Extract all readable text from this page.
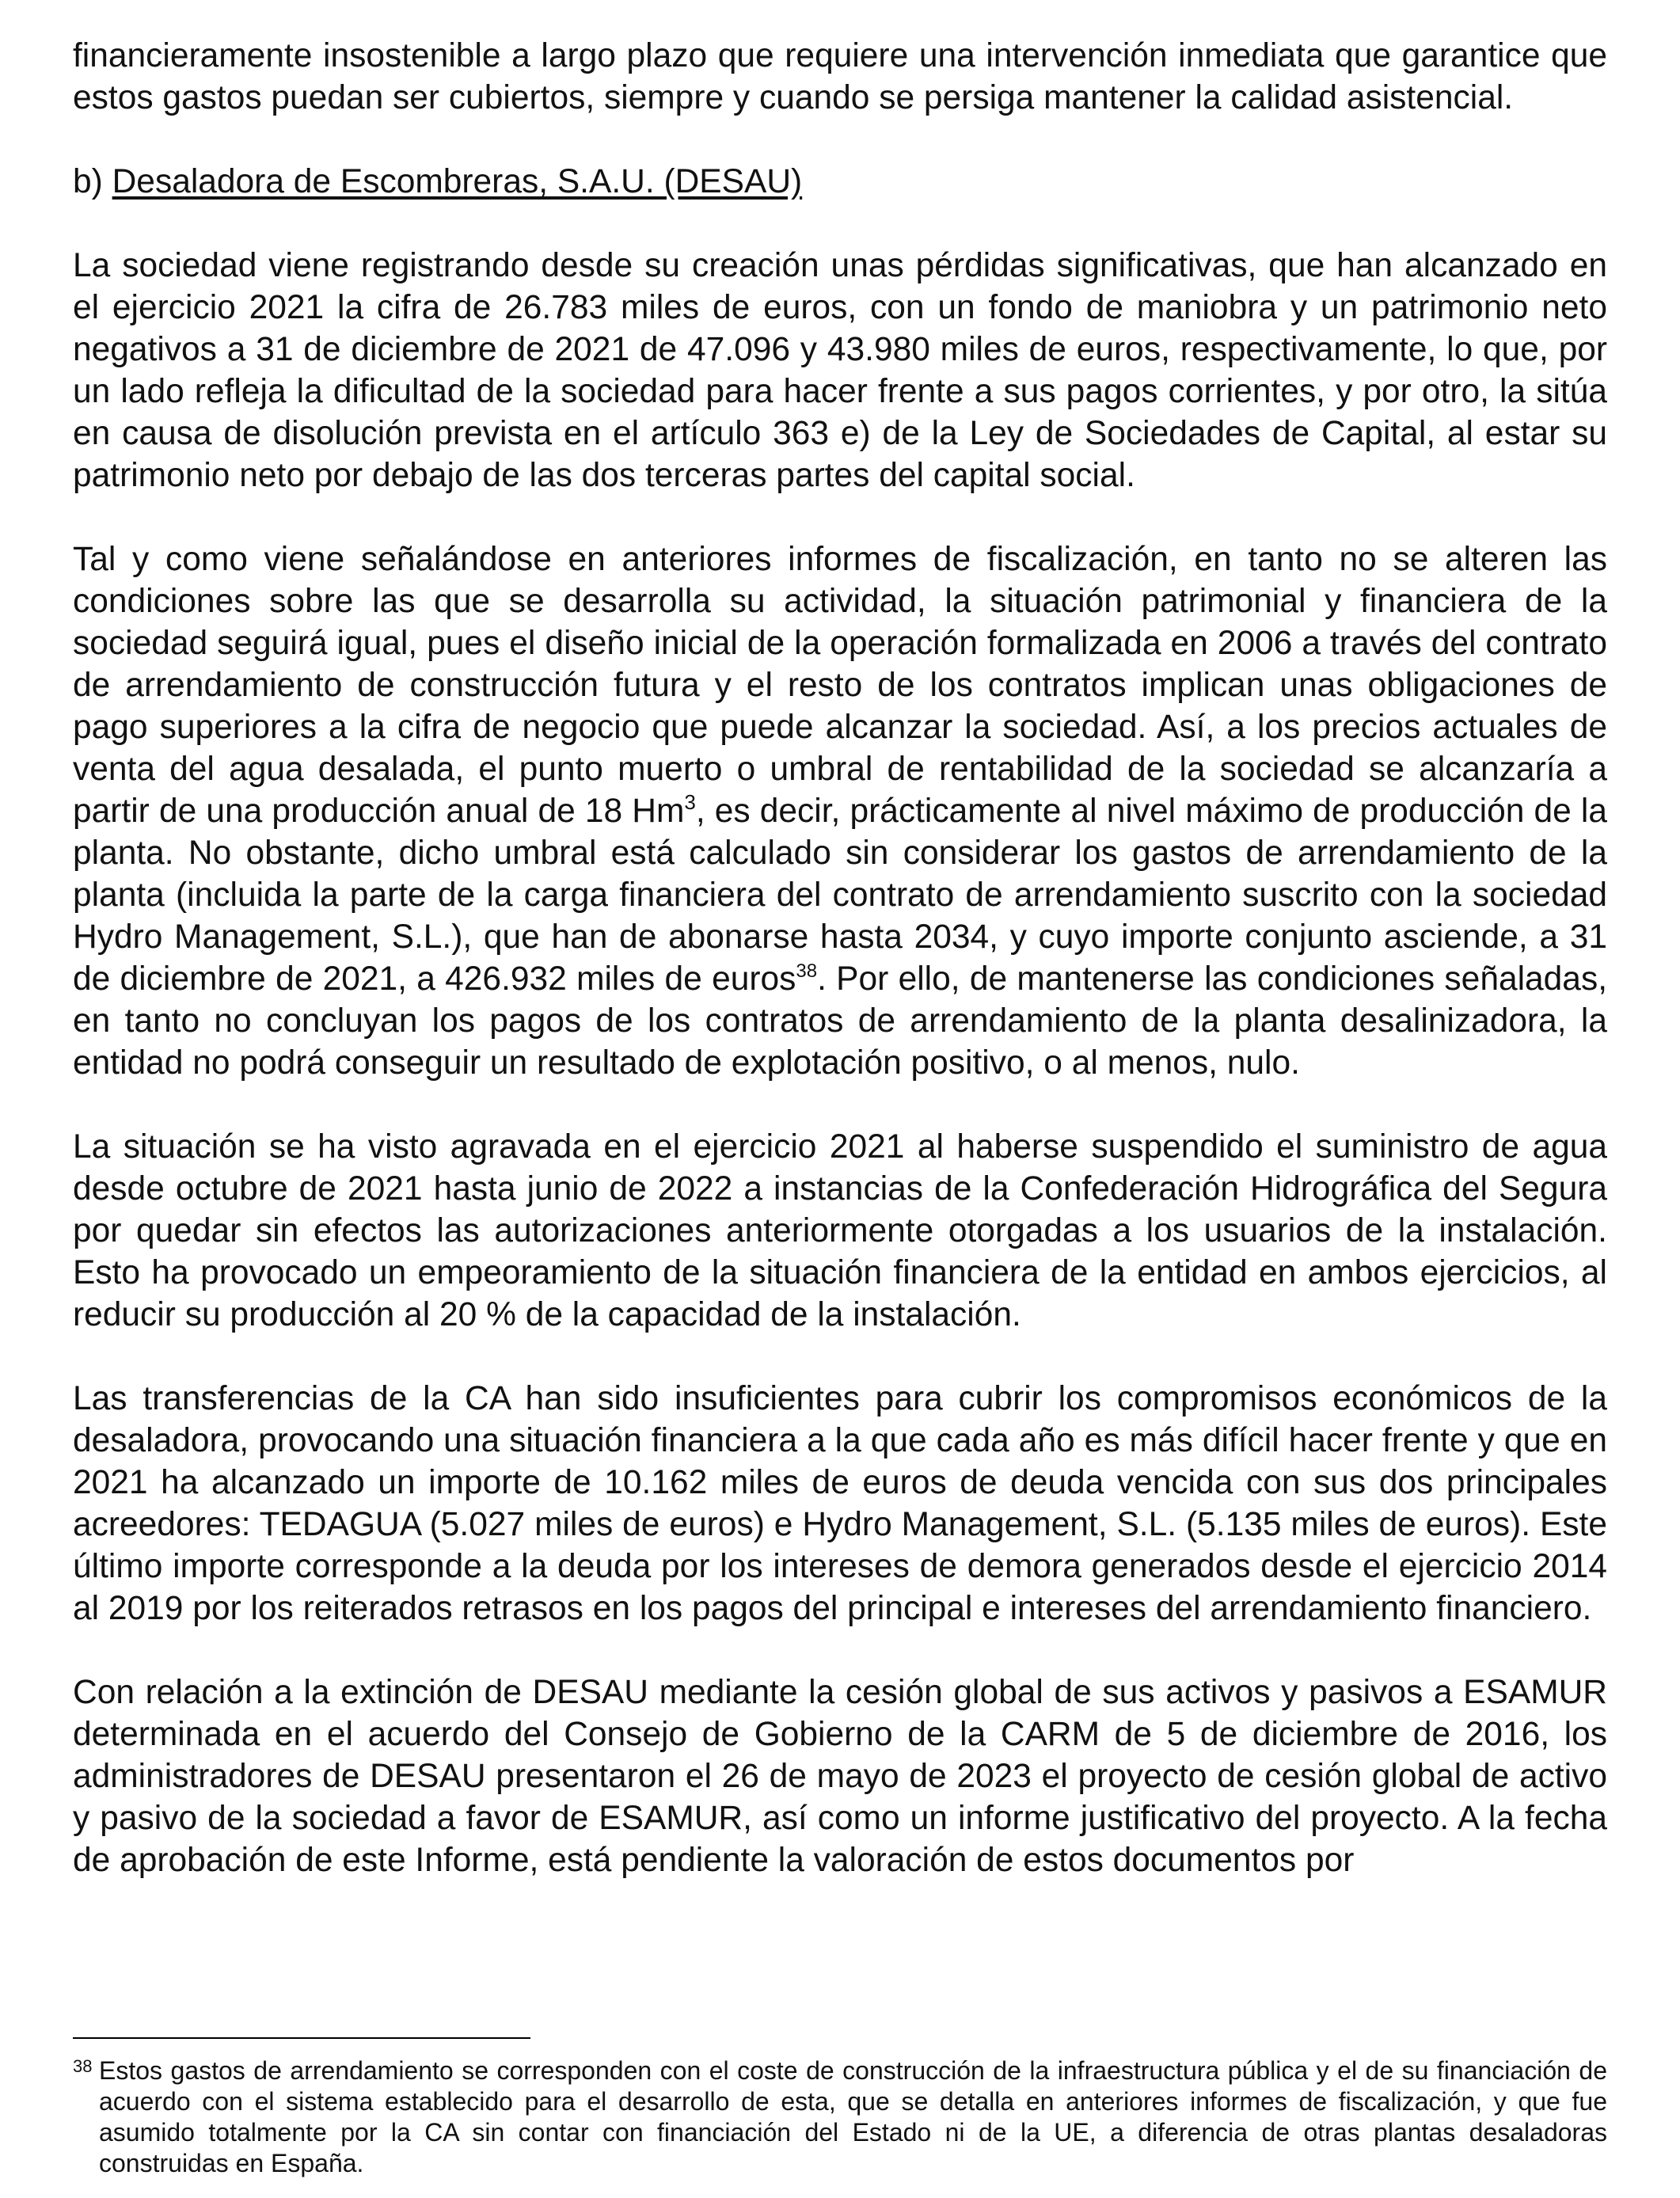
financieramente insostenible a largo plazo que requiere una intervención inmediata que garantice que estos gastos puedan ser cubiertos, siempre y cuando se persiga mantener la calidad asistencial.

b) Desaladora de Escombreras, S.A.U. (DESAU)

La sociedad viene registrando desde su creación unas pérdidas significativas, que han alcanzado en el ejercicio 2021 la cifra de 26.783 miles de euros, con un fondo de maniobra y un patrimonio neto negativos a 31 de diciembre de 2021 de 47.096 y 43.980 miles de euros, respectivamente, lo que, por un lado refleja la dificultad de la sociedad para hacer frente a sus pagos corrientes, y por otro, la sitúa en causa de disolución prevista en el artículo 363 e) de la Ley de Sociedades de Capital, al estar su patrimonio neto por debajo de las dos terceras partes del capital social.

Tal y como viene señalándose en anteriores informes de fiscalización, en tanto no se alteren las condiciones sobre las que se desarrolla su actividad, la situación patrimonial y financiera de la sociedad seguirá igual, pues el diseño inicial de la operación formalizada en 2006 a través del contrato de arrendamiento de construcción futura y el resto de los contratos implican unas obligaciones de pago superiores a la cifra de negocio que puede alcanzar la sociedad. Así, a los precios actuales de venta del agua desalada, el punto muerto o umbral de rentabilidad de la sociedad se alcanzaría a partir de una producción anual de 18 Hm$^3$, es decir, prácticamente al nivel máximo de producción de la planta. No obstante, dicho umbral está calculado sin considerar los gastos de arrendamiento de la planta (incluida la parte de la carga financiera del contrato de arrendamiento suscrito con la sociedad Hydro Management, S.L.), que han de abonarse hasta 2034, y cuyo importe conjunto asciende, a 31 de diciembre de 2021, a 426.932 miles de euros$^{38}$. Por ello, de mantenerse las condiciones señaladas, en tanto no concluyan los pagos de los contratos de arrendamiento de la planta desalinizadora, la entidad no podrá conseguir un resultado de explotación positivo, o al menos, nulo.

La situación se ha visto agravada en el ejercicio 2021 al haberse suspendido el suministro de agua desde octubre de 2021 hasta junio de 2022 a instancias de la Confederación Hidrográfica del Segura por quedar sin efectos las autorizaciones anteriormente otorgadas a los usuarios de la instalación. Esto ha provocado un empeoramiento de la situación financiera de la entidad en ambos ejercicios, al reducir su producción al 20 % de la capacidad de la instalación.

Las transferencias de la CA han sido insuficientes para cubrir los compromisos económicos de la desaladora, provocando una situación financiera a la que cada año es más difícil hacer frente y que en 2021 ha alcanzado un importe de 10.162 miles de euros de deuda vencida con sus dos principales acreedores: TEDAGUA (5.027 miles de euros) e Hydro Management, S.L. (5.135 miles de euros). Este último importe corresponde a la deuda por los intereses de demora generados desde el ejercicio 2014 al 2019 por los reiterados retrasos en los pagos del principal e intereses del arrendamiento financiero.

Con relación a la extinción de DESAU mediante la cesión global de sus activos y pasivos a ESAMUR determinada en el acuerdo del Consejo de Gobierno de la CARM de 5 de diciembre de 2016, los administradores de DESAU presentaron el 26 de mayo de 2023 el proyecto de cesión global de activo y pasivo de la sociedad a favor de ESAMUR, así como un informe justificativo del proyecto. A la fecha de aprobación de este Informe, está pendiente la valoración de estos documentos por

38 Estos gastos de arrendamiento se corresponden con el coste de construcción de la infraestructura pública y el de su financiación de acuerdo con el sistema establecido para el desarrollo de esta, que se detalla en anteriores informes de fiscalización, y que fue asumido totalmente por la CA sin contar con financiación del Estado ni de la UE, a diferencia de otras plantas desaladoras construidas en España.
